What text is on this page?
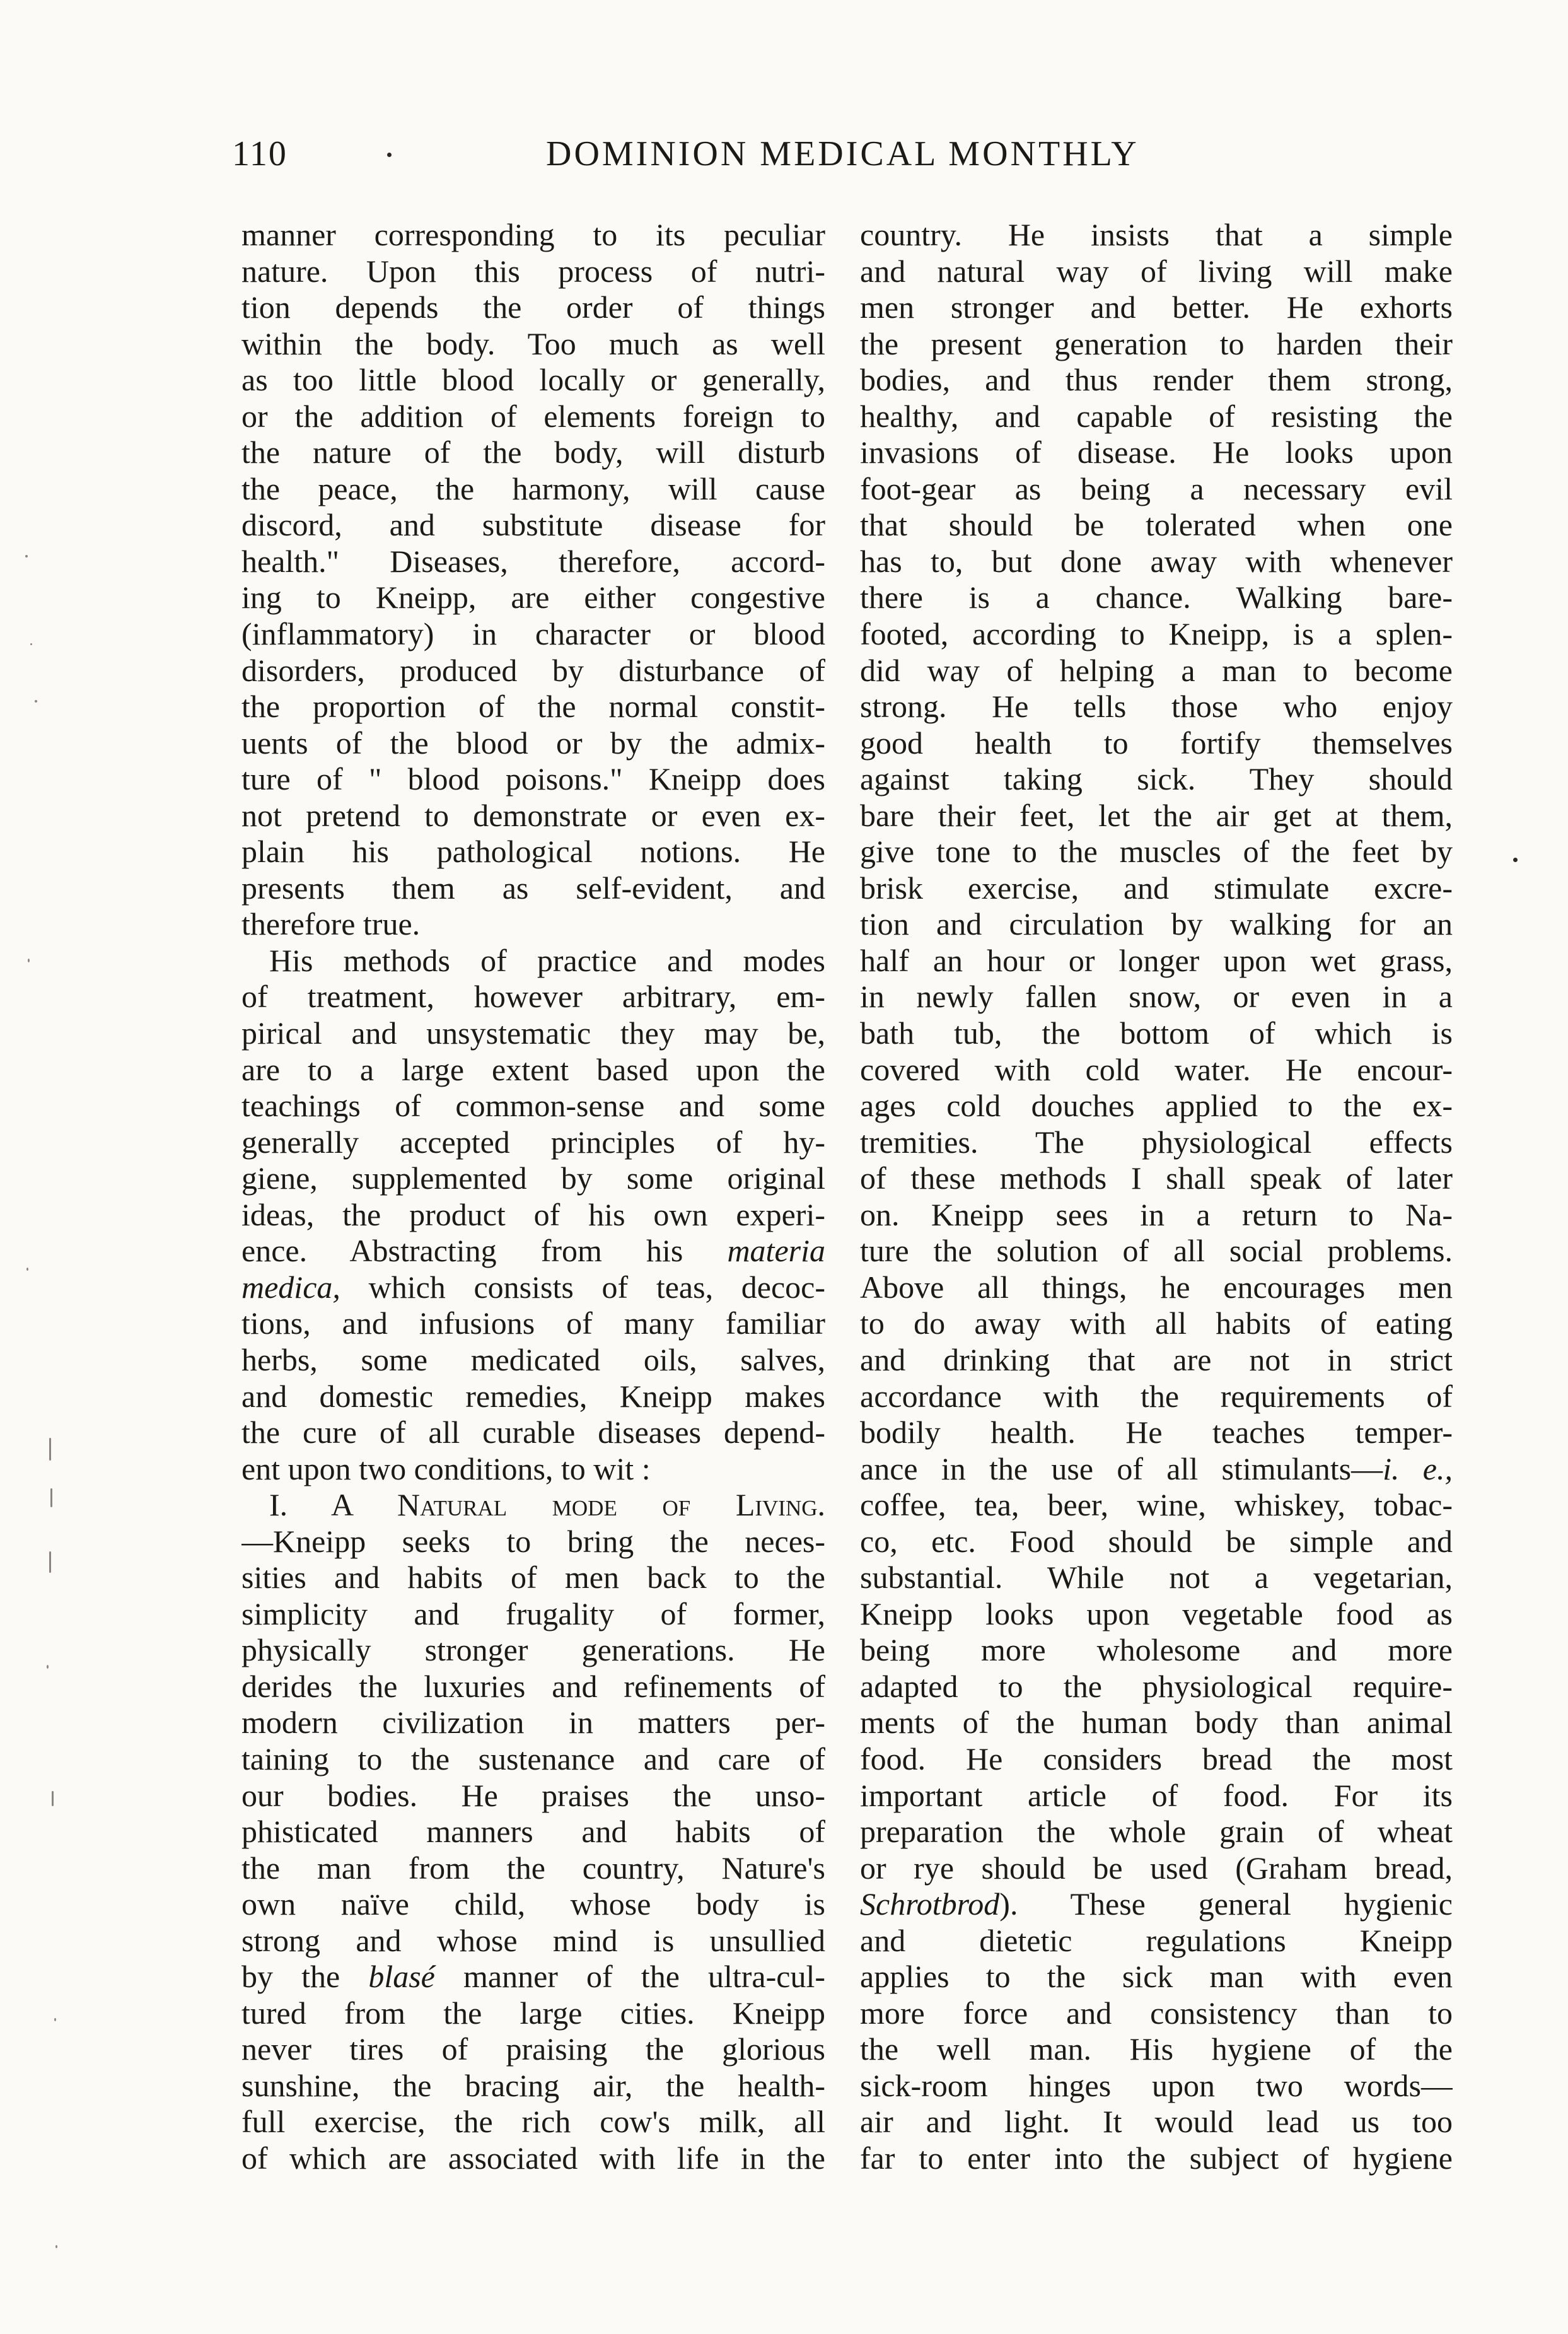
110	DOMINION MEDICAL MONTHLY
manner corresponding to its peculiar
nature. Upon this process of nutri-
tion depends the order of things
within the body. Too much as well
as too little blood locally or generally,
or the addition of elements foreign to
the nature of the body, will disturb
the peace, the harmony, will cause
discord, and substitute disease for
health." Diseases, therefore, accord-
ing to Kneipp, are either congestive
(inflammatory) in character or blood
disorders, produced by disturbance of
the proportion of the normal constit-
uents of the blood or by the admix-
ture of " blood poisons." Kneipp does
not pretend to demonstrate or even ex-
plain his pathological notions. He
presents them as self-evident, and
therefore true.
His methods of practice and modes
of treatment, however arbitrary, em-
pirical and unsystematic they may be,
are to a large extent based upon the
teachings of common-sense and some
generally accepted principles of hy-
giene, supplemented by some original
ideas, the product of his own experi-
ence. Abstracting from his materia
medica, which consists of teas, decoc-
tions, and infusions of many familiar
herbs, some medicated oils, salves,
and domestic remedies, Kneipp makes
the cure of all curable diseases depend-
ent upon two conditions, to wit :
I. A Natural mode of Living.
—Kneipp seeks to bring the neces-
sities and habits of men back to the
simplicity and frugality of former,
physically stronger generations. He
derides the luxuries and refinements of
modern civilization in matters per-
taining to the sustenance and care of
our bodies. He praises the unso-
phisticated manners and habits of
the man from the country, Nature's
own naïve child, whose body is
strong and whose mind is unsullied
by the blasé manner of the ultra-cul-
tured from the large cities. Kneipp
never tires of praising the glorious
sunshine, the bracing air, the health-
full exercise, the rich cow's milk, all
of which are associated with life in the
country. He insists that a simple
and natural way of living will make
men stronger and better. He exhorts
the present generation to harden their
bodies, and thus render them strong,
healthy, and capable of resisting the
invasions of disease. He looks upon
foot-gear as being a necessary evil
that should be tolerated when one
has to, but done away with whenever
there is a chance. Walking bare-
footed, according to Kneipp, is a splen-
did way of helping a man to become
strong. He tells those who enjoy
good health to fortify themselves
against taking sick. They should
bare their feet, let the air get at them,
give tone to the muscles of the feet by
brisk exercise, and stimulate excre-
tion and circulation by walking for an
half an hour or longer upon wet grass,
in newly fallen snow, or even in a
bath tub, the bottom of which is
covered with cold water. He encour-
ages cold douches applied to the ex-
tremities. The physiological effects
of these methods I shall speak of later
on. Kneipp sees in a return to Na-
ture the solution of all social problems.
Above all things, he encourages men
to do away with all habits of eating
and drinking that are not in strict
accordance with the requirements of
bodily health. He teaches temper-
ance in the use of all stimulants—i. e.,
coffee, tea, beer, wine, whiskey, tobac-
co, etc. Food should be simple and
substantial. While not a vegetarian,
Kneipp looks upon vegetable food as
being more wholesome and more
adapted to the physiological require-
ments of the human body than animal
food. He considers bread the most
important article of food. For its
preparation the whole grain of wheat
or rye should be used (Graham bread,
Schrotbrod). These general hygienic
and dietetic regulations Kneipp
applies to the sick man with even
more force and consistency than to
the well man. His hygiene of the
sick-room hinges upon two words—
air and light. It would lead us too
far to enter into the subject of hygiene
